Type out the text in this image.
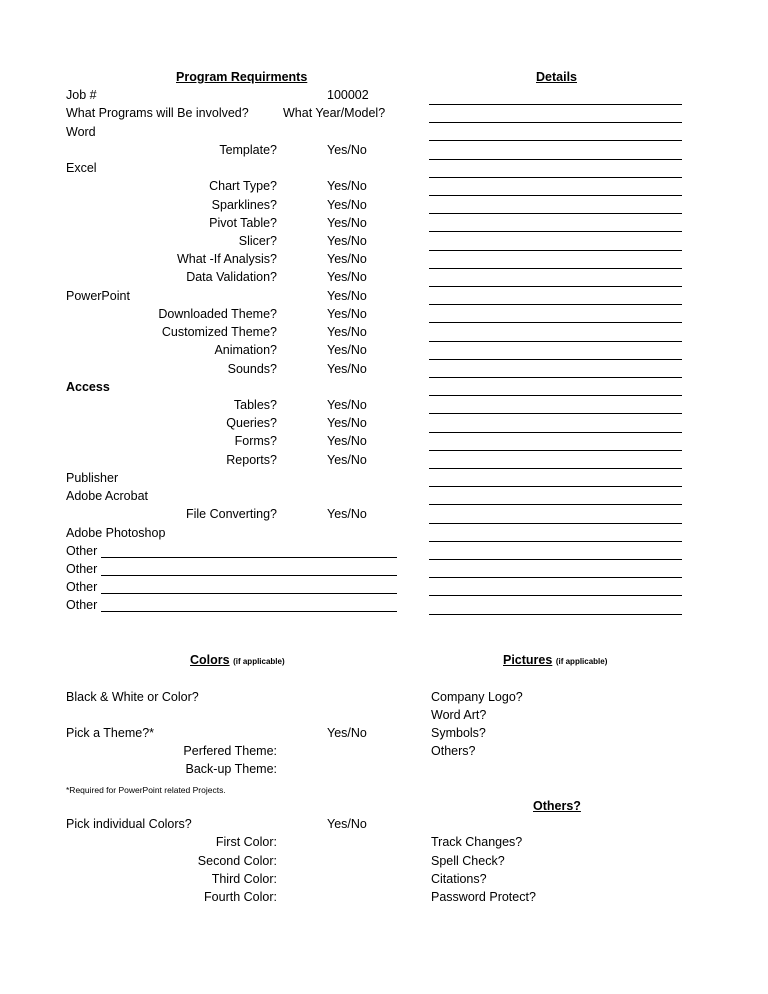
Program Requirments
Job #	100002
What Programs will Be involved?	What Year/Model?
Word
Template?	Yes/No
Excel
Chart Type?	Yes/No
Sparklines?	Yes/No
Pivot Table?	Yes/No
Slicer?	Yes/No
What -If Analysis?	Yes/No
Data Validation?	Yes/No
PowerPoint	Yes/No
Downloaded Theme?	Yes/No
Customized Theme?	Yes/No
Animation?	Yes/No
Sounds?	Yes/No
Access
Tables?	Yes/No
Queries?	Yes/No
Forms?	Yes/No
Reports?	Yes/No
Publisher
Adobe Acrobat
File Converting?	Yes/No
Adobe Photoshop
Other
Other
Other
Other
Details
Colors (if applicable)
Black & White or Color?
Pick a Theme?*	Yes/No
Perfered Theme:
Back-up Theme:
*Required for PowerPoint related Projects.
Pick individual Colors?	Yes/No
First Color:
Second Color:
Third Color:
Fourth Color:
Pictures (if applicable)
Company Logo?
Word Art?
Symbols?
Others?
Others?
Track Changes?
Spell Check?
Citations?
Password Protect?
